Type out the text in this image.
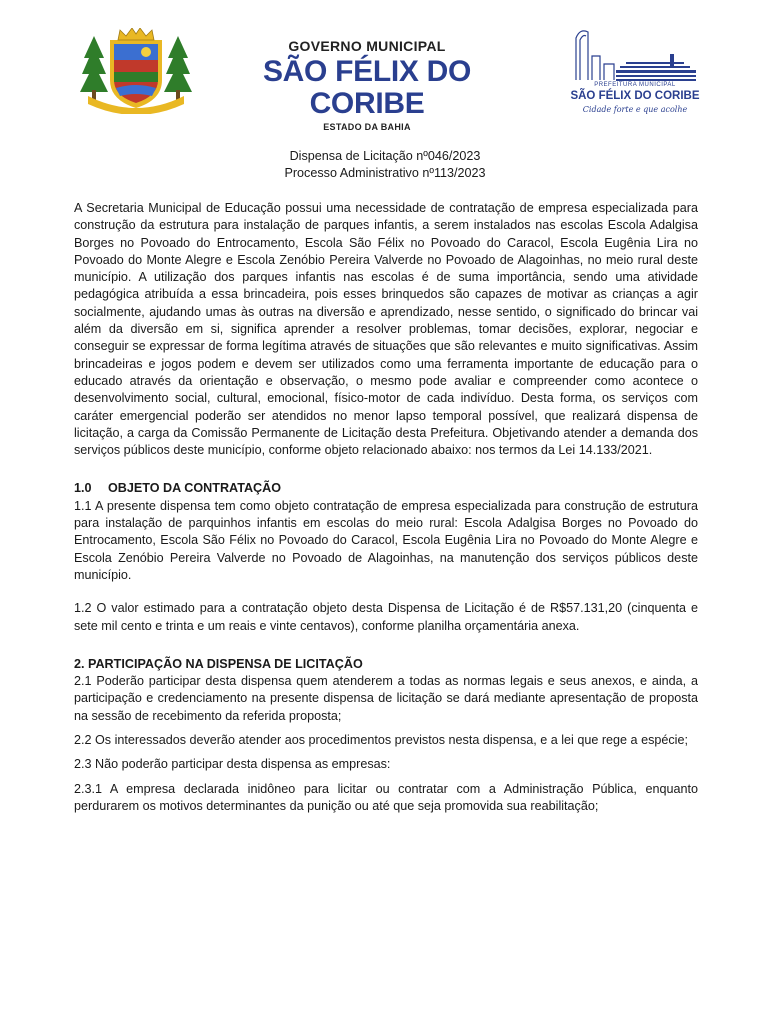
GOVERNO MUNICIPAL
SÃO FÉLIX DO CORIBE
ESTADO DA BAHIA
PREFEITURA MUNICIPAL
SÃO FÉLIX DO CORIBE
Cidade forte e que acolhe
Dispensa de Licitação nº046/2023
Processo Administrativo nº113/2023

A Secretaria Municipal de Educação possui uma necessidade de contratação de empresa especializada para construção da estrutura para instalação de parques infantis, a serem instalados nas escolas Escola Adalgisa Borges no Povoado do Entrocamento, Escola São Félix no Povoado do Caracol, Escola Eugênia Lira no Povoado do Monte Alegre e Escola Zenóbio Pereira Valverde no Povoado de Alagoinhas, no meio rural deste município. A utilização dos parques infantis nas escolas é de suma importância, sendo uma atividade pedagógica atribuída a essa brincadeira, pois esses brinquedos são capazes de motivar as crianças a agir socialmente, ajudando umas às outras na diversão e aprendizado, nesse sentido, o significado do brincar vai além da diversão em si, significa aprender a resolver problemas, tomar decisões, explorar, negociar e conseguir se expressar de forma legítima através de situações que são relevantes e muito significativas. Assim brincadeiras e jogos podem e devem ser utilizados como uma ferramenta importante de educação para o educado através da orientação e observação, o mesmo pode avaliar e compreender como acontece o desenvolvimento social, cultural, emocional, físico-motor de cada indivíduo. Desta forma, os serviços com caráter emergencial poderão ser atendidos no menor lapso temporal possível, que realizará dispensa de licitação, a carga da Comissão Permanente de Licitação desta Prefeitura. Objetivando atender a demanda dos serviços públicos deste município, conforme objeto relacionado abaixo: nos termos da Lei 14.133/2021.

1.0 OBJETO DA CONTRATAÇÃO

1.1 A presente dispensa tem como objeto contratação de empresa especializada para construção de estrutura para instalação de parquinhos infantis em escolas do meio rural: Escola Adalgisa Borges no Povoado do Entrocamento, Escola São Félix no Povoado do Caracol, Escola Eugênia Lira no Povoado do Monte Alegre e Escola Zenóbio Pereira Valverde no Povoado de Alagoinhas, na manutenção dos serviços públicos deste município.

1.2 O valor estimado para a contratação objeto desta Dispensa de Licitação é de R$57.131,20 (cinquenta e sete mil cento e trinta e um reais e vinte centavos), conforme planilha orçamentária anexa.

2. PARTICIPAÇÃO NA DISPENSA DE LICITAÇÃO

2.1 Poderão participar desta dispensa quem atenderem a todas as normas legais e seus anexos, e ainda, a participação e credenciamento na presente dispensa de licitação se dará mediante apresentação de proposta na sessão de recebimento da referida proposta;

2.2 Os interessados deverão atender aos procedimentos previstos nesta dispensa, e a lei que rege a espécie;

2.3 Não poderão participar desta dispensa as empresas:

2.3.1 A empresa declarada inidôneo para licitar ou contratar com a Administração Pública, enquanto perdurarem os motivos determinantes da punição ou até que seja promovida sua reabilitação;
